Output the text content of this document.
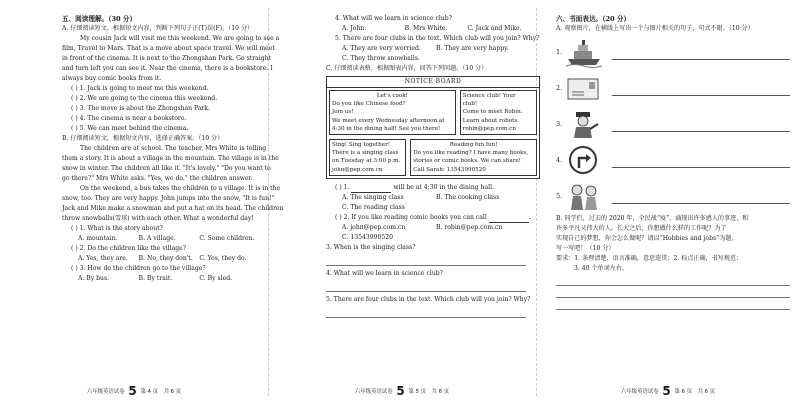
五、阅读理解。（30 分）
A. 仔细阅读短文，根据短文内容，判断下列句子正(T)误(F)。（10 分）
My cousin Jack will visit me this weekend. We are going to see a
film, Travel to Mars. That is a move about space travel. We will meet
in front of the cinema. It is next to the Zhongshan Park. Go straight
and turn left you can see it. Near the cinema, there is a bookstore. I
always buy comic books from it.
( ) 1. Jack is going to meet me this weekend.
( ) 2. We are going to the cinema this weekend.
( ) 3. The move is about the Zhongshan Park.
( ) 4. The cinema is near a bookstore.
( ) 5. We can meet behind the cinema.
B. 仔细阅读短文，根据短文内容，选择正确答案。（10 分）
The children are at school. The teacher, Mrs White is telling
them a story. It is about a village in the mountain. The village is in the
snow in winter. The children all like it. "It's lovely." "Do you want to
go there?" Mrs White asks. "Yes, we do." the children answer.
On the weekend, a bus takes the children to a village. It is in the
snow, too. They are very happy. John jumps into the snow, "It is fun!"
Jack and Mike make a snowman and put a hat on its head. The children
throw snowballs(雪球) with each other. What a wonderful day!
( ) 1. What is the story about?
A. mountain.	B. A village.	C. Some children.
( ) 2. Do the children like the village?
A. Yes, they are.	B. No, they don't.	C. Yes, they do.
( ) 3. How do the children go to the village?
A. By bus.	B. By trait.	C. By sled.
六年级英语试卷 5 第 4 页　共 6 页
4. What will we learn in science club?
A. John.	B. Mrs White.	C. Jack and Mike.
5. There are four clubs in the text. Which club will you join? Why?
A. They are very worried.	B. They are very happy.
C. They throw snowballs.
C. 仔细阅读表格，根据图表内容，回答下列问题。（10 分）
NOTICE BOARD
Let's cook!
Do you like Chinese food?
Join us!
We meet every Wednesday afternoon at
4:30 in the dining hall! See you there!
Science club! Your
club!
Come to meet Robin.
Learn about robots.
robin@pep.com.cn
Sing! Sing together!
There is a singing class
on Tuesday at 3:00 p.m.
john@pep.com.cn
Reading fun fun!
Do you like reading? I have many books,
stories or comic books. We can share!
Call Sarah: 13543990520
( ) 1.	will be at 4:30 in the dining hall.
A. The singing class	B. The cooking class
C. The reading class
( ) 2. If you like reading comic books you can call	.
A. john@pep.com.cn	B. robin@pep.com.cn
C. 13543990520
3. When is the singing class?
4. What will we learn in science club?
5. There are four clubs in the text. Which club will you join? Why?
六年级英语试卷 5 第 5 页　共 6 页
六、书面表达。（20 分）
A. 观察图片，在横线上写出一个与图片相关的句子，句式不限。（10 分）
1.
2.
3.
4.
5.
B. 同学们，过去的 2020 年，全民战“疫”，涌现出许多感人的事迹，和
许多平凡又伟大的人。长大之后，你想做什么样的工作呢？为了
实现自己的梦想，你会怎么做呢？请以“Hobbies and jobs”为题，
写一写吧！（10 分）
要求：1. 条理清楚，语言准确，意思连贯；2. 标点正确，书写规范；
3. 40 个单词左右。
六年级英语试卷 5 第 6 页　共 6 页
